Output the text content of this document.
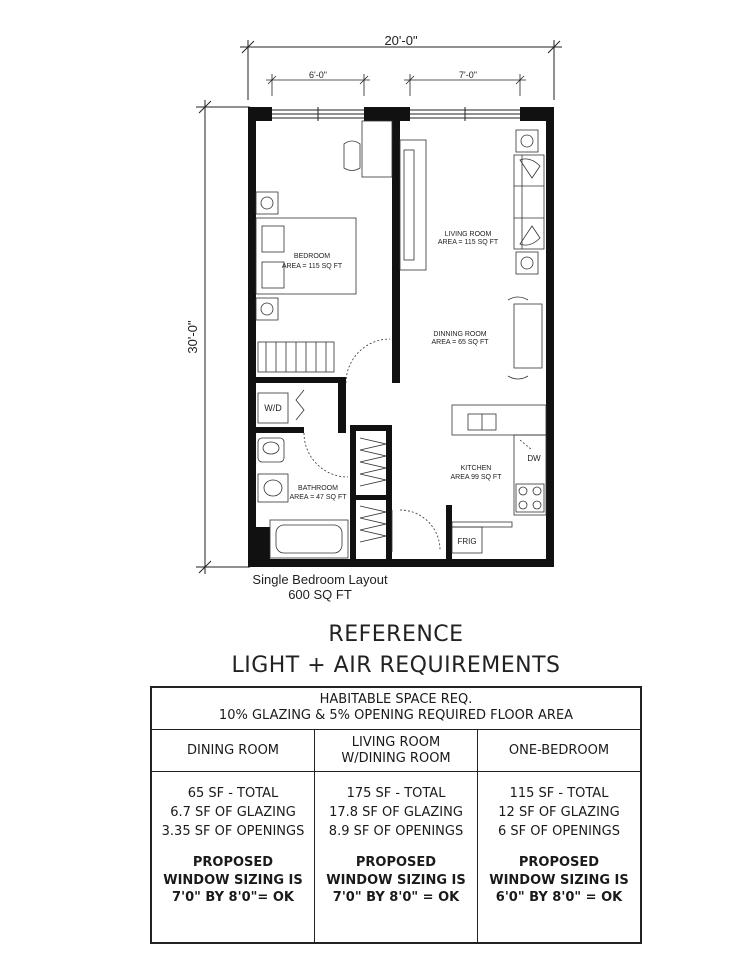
20'-0"
6'-0"	7'-0"
30'-0"
BEDROOM
AREA = 115 SQ FT
W/D
BATHROOM
AREA = 47 SQ FT
LIVING ROOM
AREA = 115 SQ FT
DINNING ROOM
AREA = 65 SQ FT
DW
FRIG
KITCHEN
AREA 99 SQ FT
Single Bedroom Layout
600 SQ FT
REFERENCE
LIGHT + AIR REQUIREMENTS
HABITABLE SPACE REQ.
10% GLAZING & 5% OPENING REQUIRED FLOOR AREA
DINING ROOM
65 SF - TOTAL
6.7 SF OF GLAZING
3.35 SF OF OPENINGS
PROPOSED
WINDOW SIZING IS
7'0" BY 8'0"= OK
LIVING ROOM
W/DINING ROOM
175 SF - TOTAL
17.8 SF OF GLAZING
8.9 SF OF OPENINGS
PROPOSED
WINDOW SIZING IS
7'0" BY 8'0" = OK
ONE-BEDROOM
115 SF - TOTAL
12 SF OF GLAZING
6 SF OF OPENINGS
PROPOSED
WINDOW SIZING IS
6'0" BY 8'0" = OK
